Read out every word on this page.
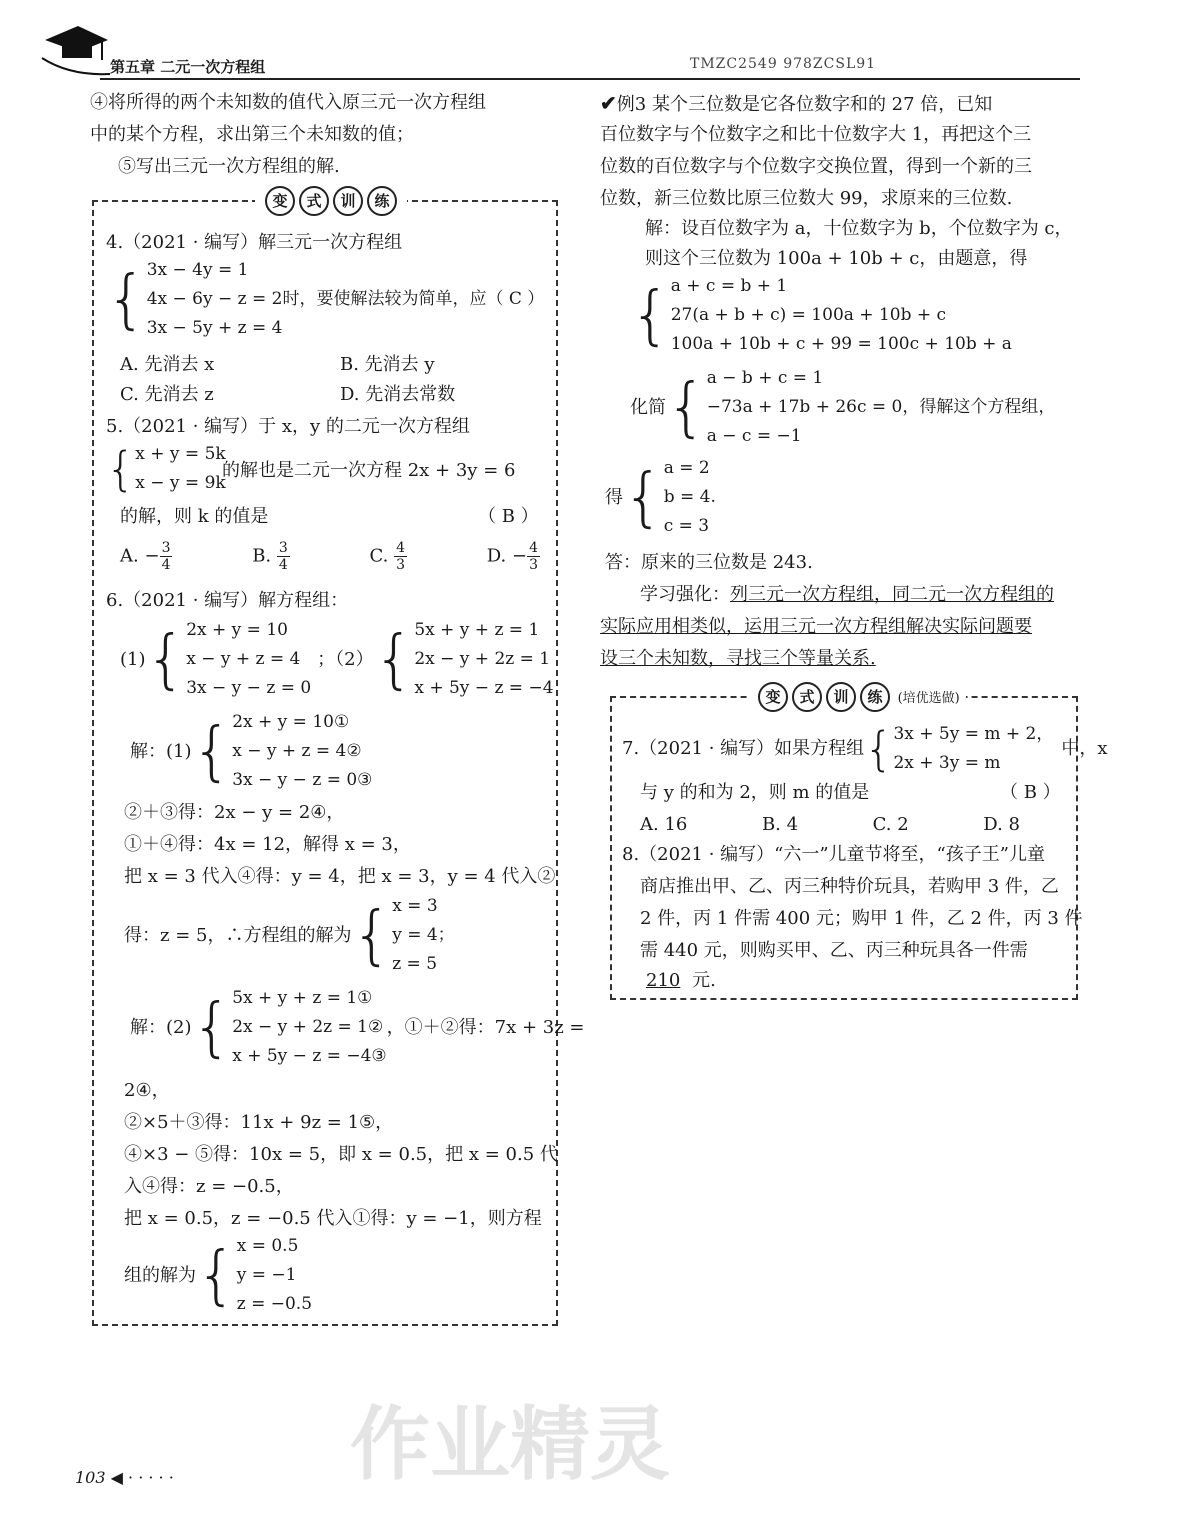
第五章 二元一次方程组	TMZC2549 978ZCSL91
④将所得的两个未知数的值代入原三元一次方程组
中的某个方程，求出第三个未知数的值；
⑤写出三元一次方程组的解.
变 式 训 练
4.（2021 · 编写）解三元一次方程组
{ 3x − 4y = 1
4x − 6y − z = 2时，要使解法较为简单，应（ C ）
3x − 5y + z = 4
A. 先消去 x	B. 先消去 y
C. 先消去 z	D. 先消去常数
5.（2021 · 编写）于 x，y 的二元一次方程组
{ x + y = 5k
x − y = 9k
的解也是二元一次方程 2x + 3y = 6
的解，则 k 的值是	（ B ）
A. − $\frac{3}{4}$	B. $\frac{3}{4}$	C. $\frac{4}{3}$	D. − $\frac{4}{3}$
6.（2021 · 编写）解方程组：
(1) { 2x + y = 10
x − y + z = 4
3x − y − z = 0
；（2） { 5x + y + z = 1
2x − y + 2z = 1
x + 5y − z = −4
解：(1) { 2x + y = 10①
x − y + z = 4②
3x − y − z = 0③
②＋③得：2x − y = 2④，
①＋④得：4x = 12，解得 x = 3，
把 x = 3 代入④得：y = 4，把 x = 3，y = 4 代入②
得：z = 5，∴方程组的解为 { x = 3
y = 4；
z = 5
解：(2) { 5x + y + z = 1①
2x − y + 2z = 1②
x + 5y − z = −4③
，①＋②得：7x + 3z =
2④，
②×5＋③得：11x + 9z = 1⑤，
④×3 − ⑤得：10x = 5，即 x = 0.5，把 x = 0.5 代
入④得：z = −0.5，
把 x = 0.5，z = −0.5 代入①得：y = −1，则方程
组的解为 { x = 0.5
y = −1
z = −0.5
✔例3 某个三位数是它各位数字和的 27 倍，已知
百位数字与个位数字之和比十位数字大 1，再把这个三
位数的百位数字与个位数字交换位置，得到一个新的三
位数，新三位数比原三位数大 99，求原来的三位数.
解：设百位数字为 a，十位数字为 b，个位数字为 c，
则这个三位数为 100a + 10b + c，由题意，得
{ a + c = b + 1
27(a + b + c) = 100a + 10b + c
100a + 10b + c + 99 = 100c + 10b + a
化简 { a − b + c = 1
−73a + 17b + 26c = 0，得解这个方程组，
a − c = −1
得 { a = 2
b = 4.
c = 3
答：原来的三位数是 243.
学习强化：列三元一次方程组，同二元一次方程组的
实际应用相类似，运用三元一次方程组解决实际问题要
设三个未知数，寻找三个等量关系.
变 式 训 练 (培优选做)
7.（2021 · 编写）如果方程组 { 3x + 5y = m + 2，
2x + 3y = m
中，x
与 y 的和为 2，则 m 的值是	（ B ）
A. 16	B. 4	C. 2	D. 8
8.（2021 · 编写）“六一”儿童节将至，“孩子王”儿童
商店推出甲、乙、丙三种特价玩具，若购甲 3 件，乙
2 件，丙 1 件需 400 元；购甲 1 件，乙 2 件，丙 3 件
需 440 元，则购买甲、乙、丙三种玩具各一件需
210 元.
作业精灵
103 ◀ · · · · ·
